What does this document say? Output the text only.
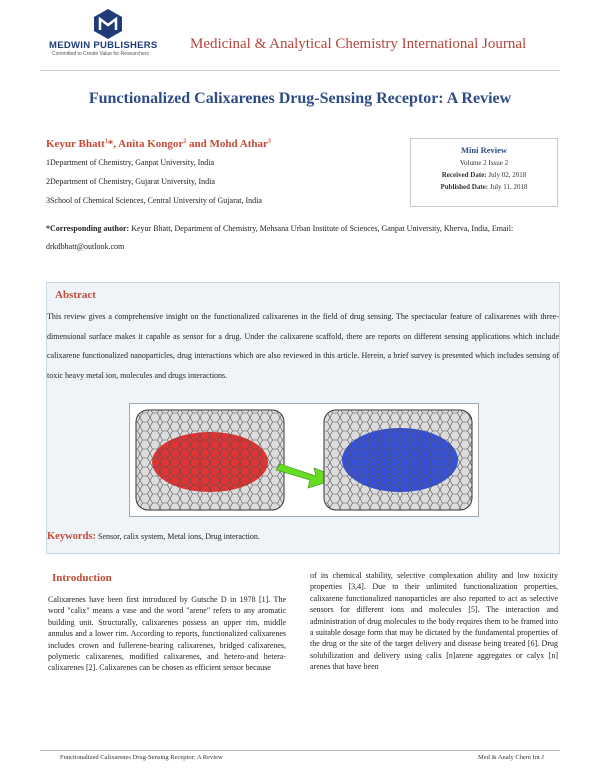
MEDWIN PUBLISHERS
Committed to Create Value for Researchers
Medicinal & Analytical Chemistry International Journal
Functionalized Calixarenes Drug-Sensing Receptor: A Review
Keyur Bhatt$^1$*, Anita Kongor$^2$ and Mohd Athar$^3$
1Department of Chemistry, Ganpat University, India
2Department of Chemistry, Gujarat University, India
3School of Chemical Sciences, Central University of Gujarat, India
Mini Review
Volume 2 Issue 2
Received Date: July 02, 2018
Published Date: July 11, 2018
*Corresponding author: Keyur Bhatt, Department of Chemistry, Mehsana Urban Institute of Sciences, Ganpat University, Kherva, India, Email: drkdbhatt@outlook.com
Abstract
This review gives a comprehensive insight on the functionalized calixarenes in the field of drug sensing. The spectacular feature of calixarenes with three-dimensional surface makes it capable as sensor for a drug. Under the calixarene scaffold, there are reports on different sensing applications which include calixarene functionalized nanoparticles, drug interactions which are also reviewed in this article. Herein, a brief survey is presented which includes sensing of toxic heavy metal ion, molecules and drugs interactions.
Keywords: Sensor, calix system, Metal ions, Drug interaction.
Introduction
Calixarenes have been first introduced by Gutsche D in 1978 [1]. The word "calix" means a vase and the word "arene" refers to any aromatic building unit. Structurally, calixarenes possess an upper rim, middle annulus and a lower rim. According to reports, functionalized calixarenes includes crown and fullerene-bearing calixarenes, bridged calixarenes, polymeric calixarenes, modified calixarenes, and hetero-and hetera-calixarenes [2]. Calixarenes can be chosen as efficient sensor because
of its chemical stability, selective complexation ability and low toxicity properties [3,4]. Due to their unlimited functionalization properties, calixarene functionalized nanoparticles are also reported to act as selective sensors for different ions and molecules [5]. The interaction and administration of drug molecules to the body requires them to be framed into a suitable dosage form that may be dictated by the fundamental properties of the drug or the site of the target delivery and disease being treated [6]. Drug solubilization and delivery using calix [n]arene aggregates or calyx [n] arenes that have been
Functionalized Calixarenes Drug-Sensing Receptor: A Review	Med & Analy Chem Int J
